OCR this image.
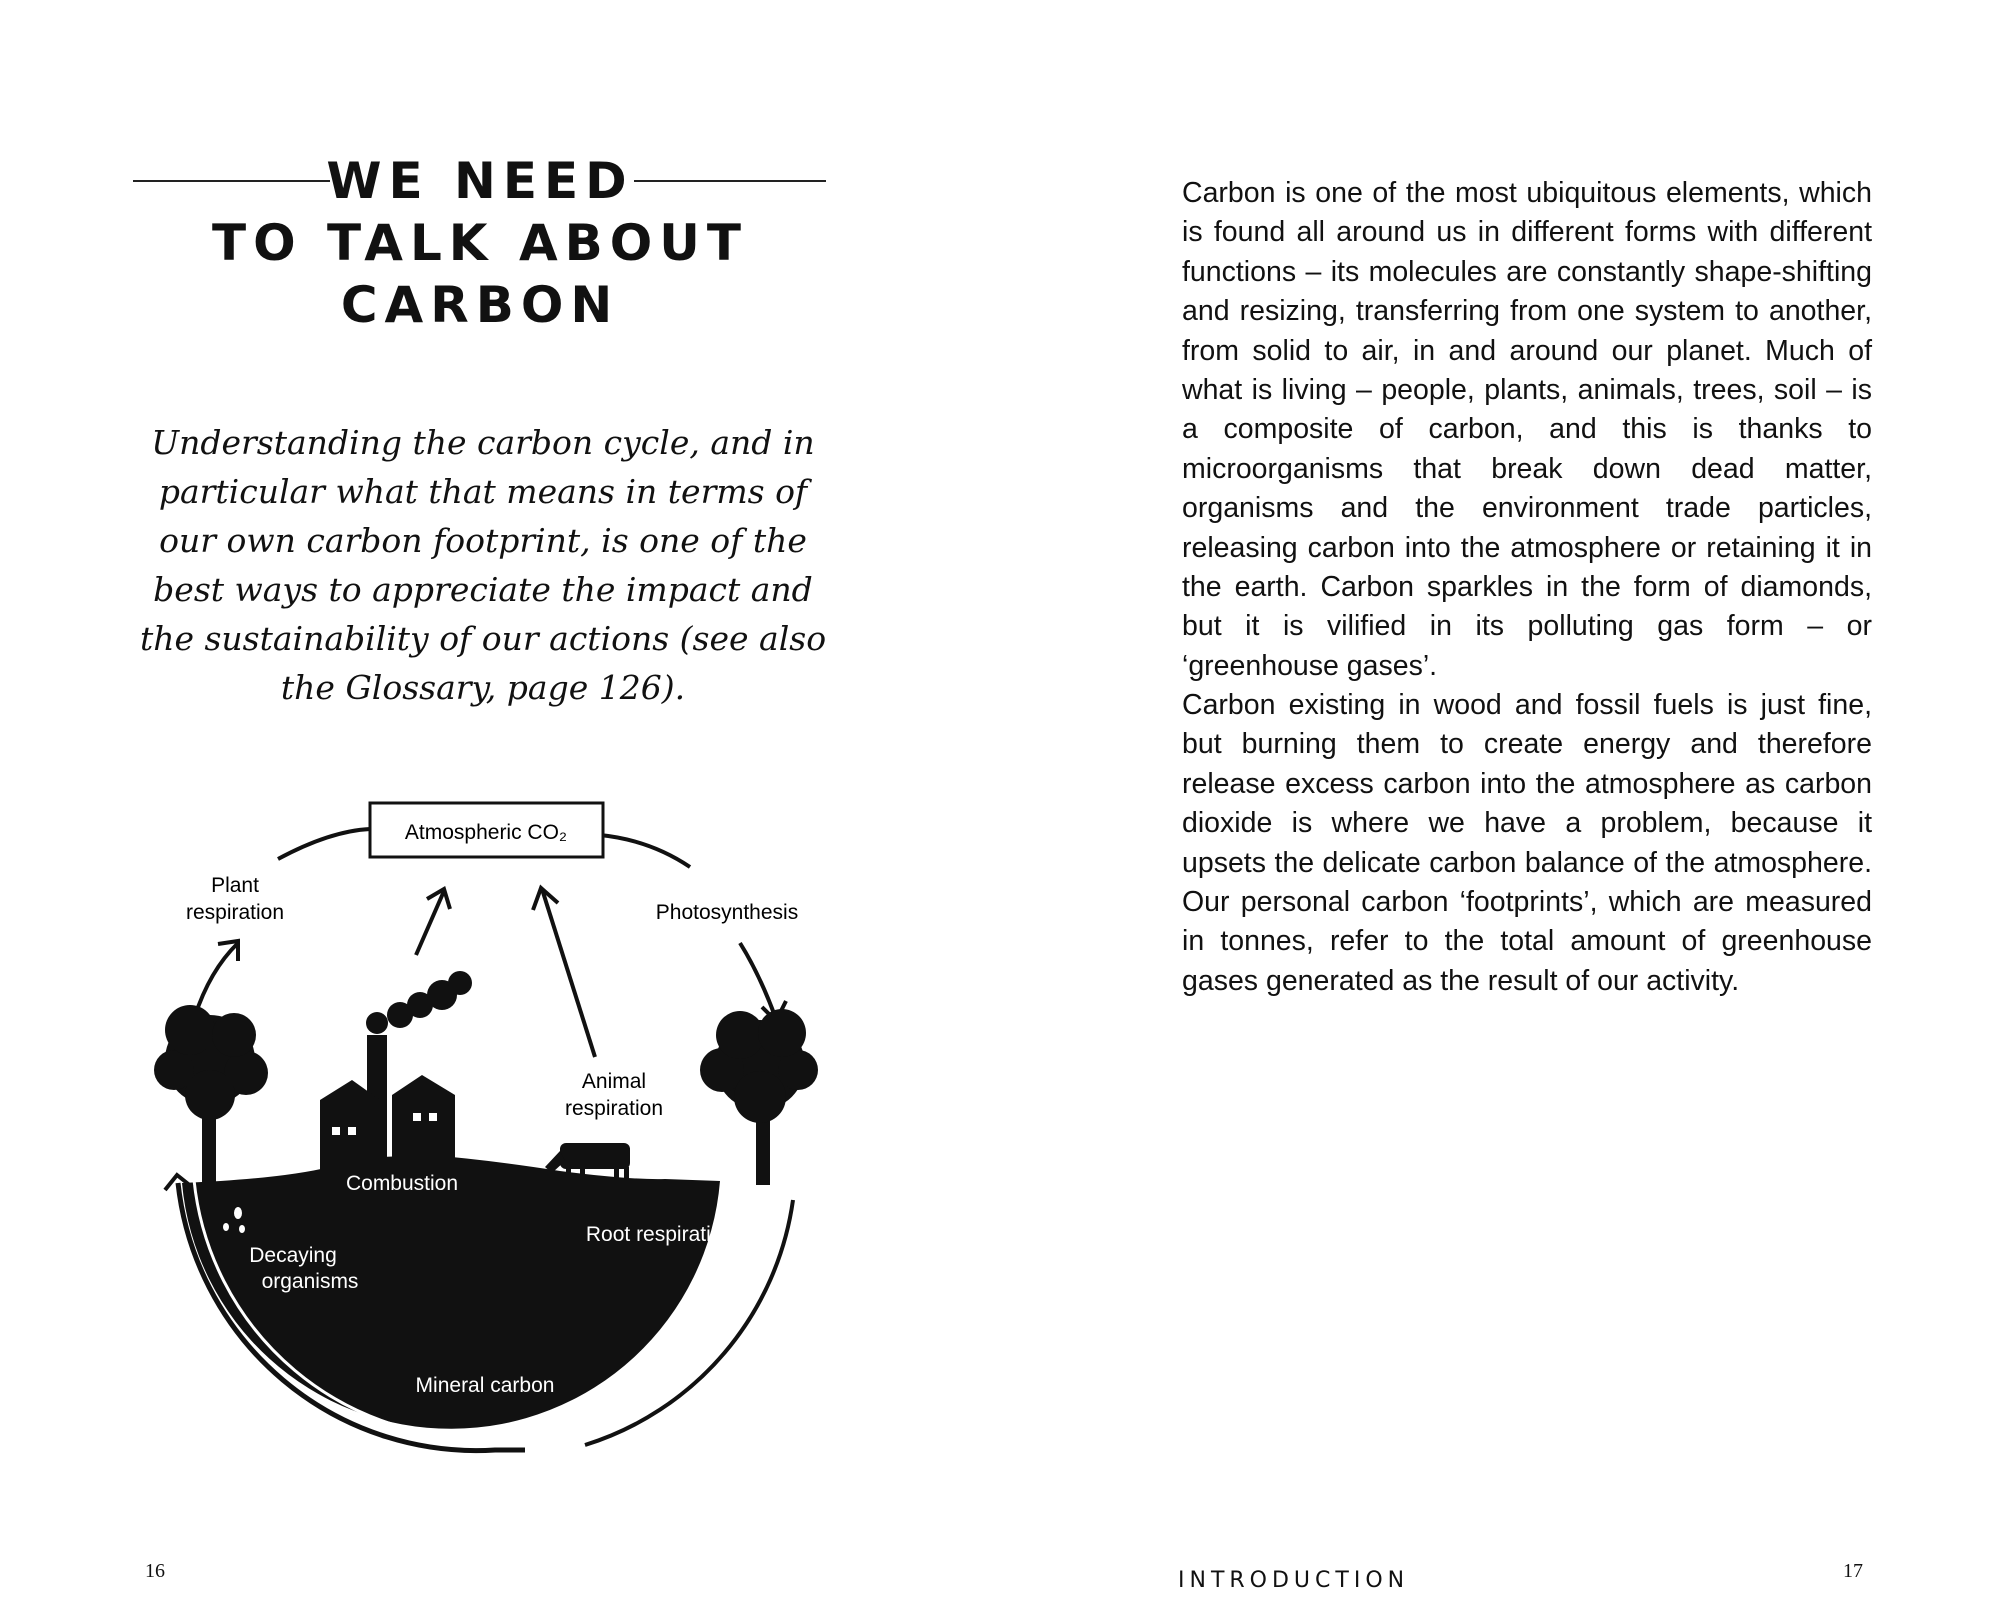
WE NEED
TO TALK ABOUT
CARBON
Understanding the carbon cycle, and in particular what that means in terms of our own carbon footprint, is one of the best ways to appreciate the impact and the sustainability of our actions (see also the Glossary, page 126).
Atmospheric CO₂
Plant
respiration	Photosynthesis
Animal
respiration
Combustion
Root respiration
Decaying
organisms
Mineral carbon
16
Carbon is one of the most ubiquitous elements, which is found all around us in different forms with different functions – its molecules are constantly shape-shifting and resizing, transferring from one system to another, from solid to air, in and around our planet. Much of what is living – people, plants, animals, trees, soil – is a composite of carbon, and this is thanks to microorganisms that break down dead matter, organisms and the environment trade particles, releasing carbon into the atmosphere or retaining it in the earth. Carbon sparkles in the form of diamonds, but it is vilified in its polluting gas form – or ‘greenhouse gases’.
Carbon existing in wood and fossil fuels is just fine, but burning them to create energy and therefore release excess carbon into the atmosphere as carbon dioxide is where we have a problem, because it upsets the delicate carbon balance of the atmosphere. Our personal carbon ‘footprints’, which are measured in tonnes, refer to the total amount of greenhouse gases generated as the result of our activity.
INTRODUCTION	17
